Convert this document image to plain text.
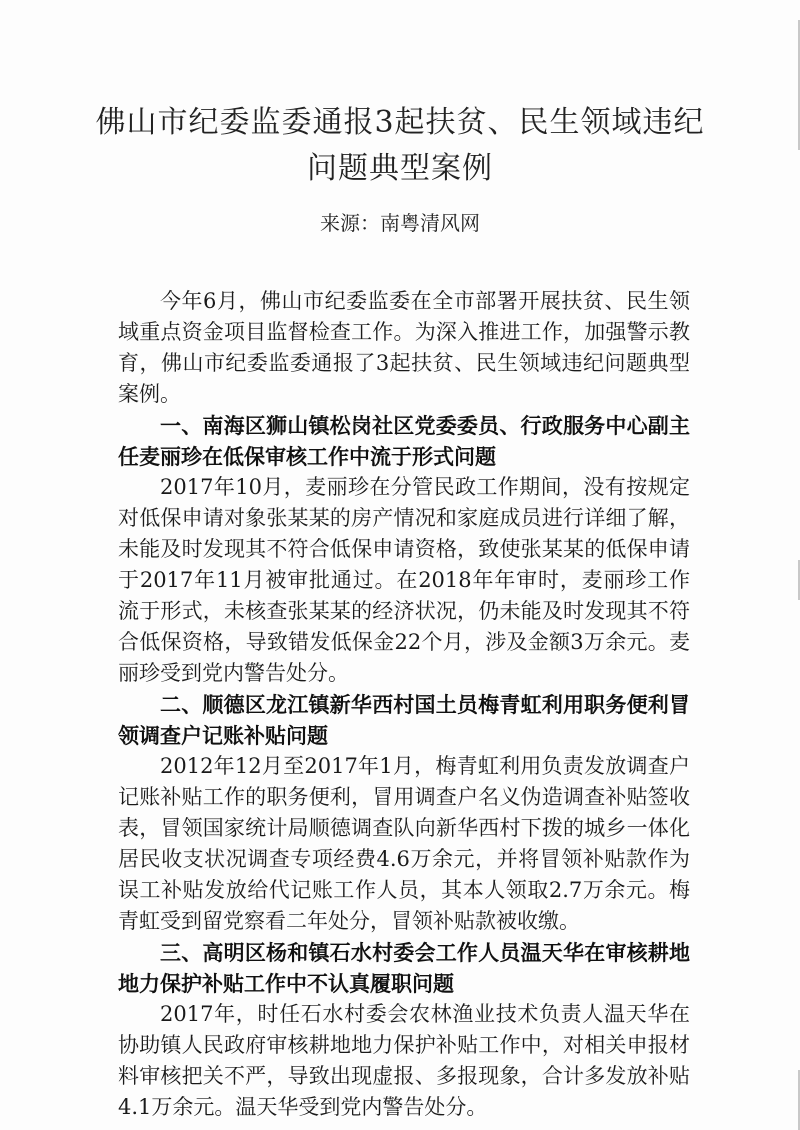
佛山市纪委监委通报3起扶贫、民生领域违纪问题典型案例
来源：南粤清风网

今年6月，佛山市纪委监委在全市部署开展扶贫、民生领域重点资金项目监督检查工作。为深入推进工作，加强警示教育，佛山市纪委监委通报了3起扶贫、民生领域违纪问题典型案例。

一、南海区狮山镇松岗社区党委委员、行政服务中心副主任麦丽珍在低保审核工作中流于形式问题

2017年10月，麦丽珍在分管民政工作期间，没有按规定对低保申请对象张某某的房产情况和家庭成员进行详细了解，未能及时发现其不符合低保申请资格，致使张某某的低保申请于2017年11月被审批通过。在2018年年审时，麦丽珍工作流于形式，未核查张某某的经济状况，仍未能及时发现其不符合低保资格，导致错发低保金22个月，涉及金额3万余元。麦丽珍受到党内警告处分。

二、顺德区龙江镇新华西村国土员梅青虹利用职务便利冒领调查户记账补贴问题

2012年12月至2017年1月，梅青虹利用负责发放调查户记账补贴工作的职务便利，冒用调查户名义伪造调查补贴签收表，冒领国家统计局顺德调查队向新华西村下拨的城乡一体化居民收支状况调查专项经费4.6万余元，并将冒领补贴款作为误工补贴发放给代记账工作人员，其本人领取2.7万余元。梅青虹受到留党察看二年处分，冒领补贴款被收缴。

三、高明区杨和镇石水村委会工作人员温天华在审核耕地地力保护补贴工作中不认真履职问题

2017年，时任石水村委会农林渔业技术负责人温天华在协助镇人民政府审核耕地地力保护补贴工作中，对相关申报材料审核把关不严，导致出现虚报、多报现象，合计多发放补贴4.1万余元。温天华受到党内警告处分。
